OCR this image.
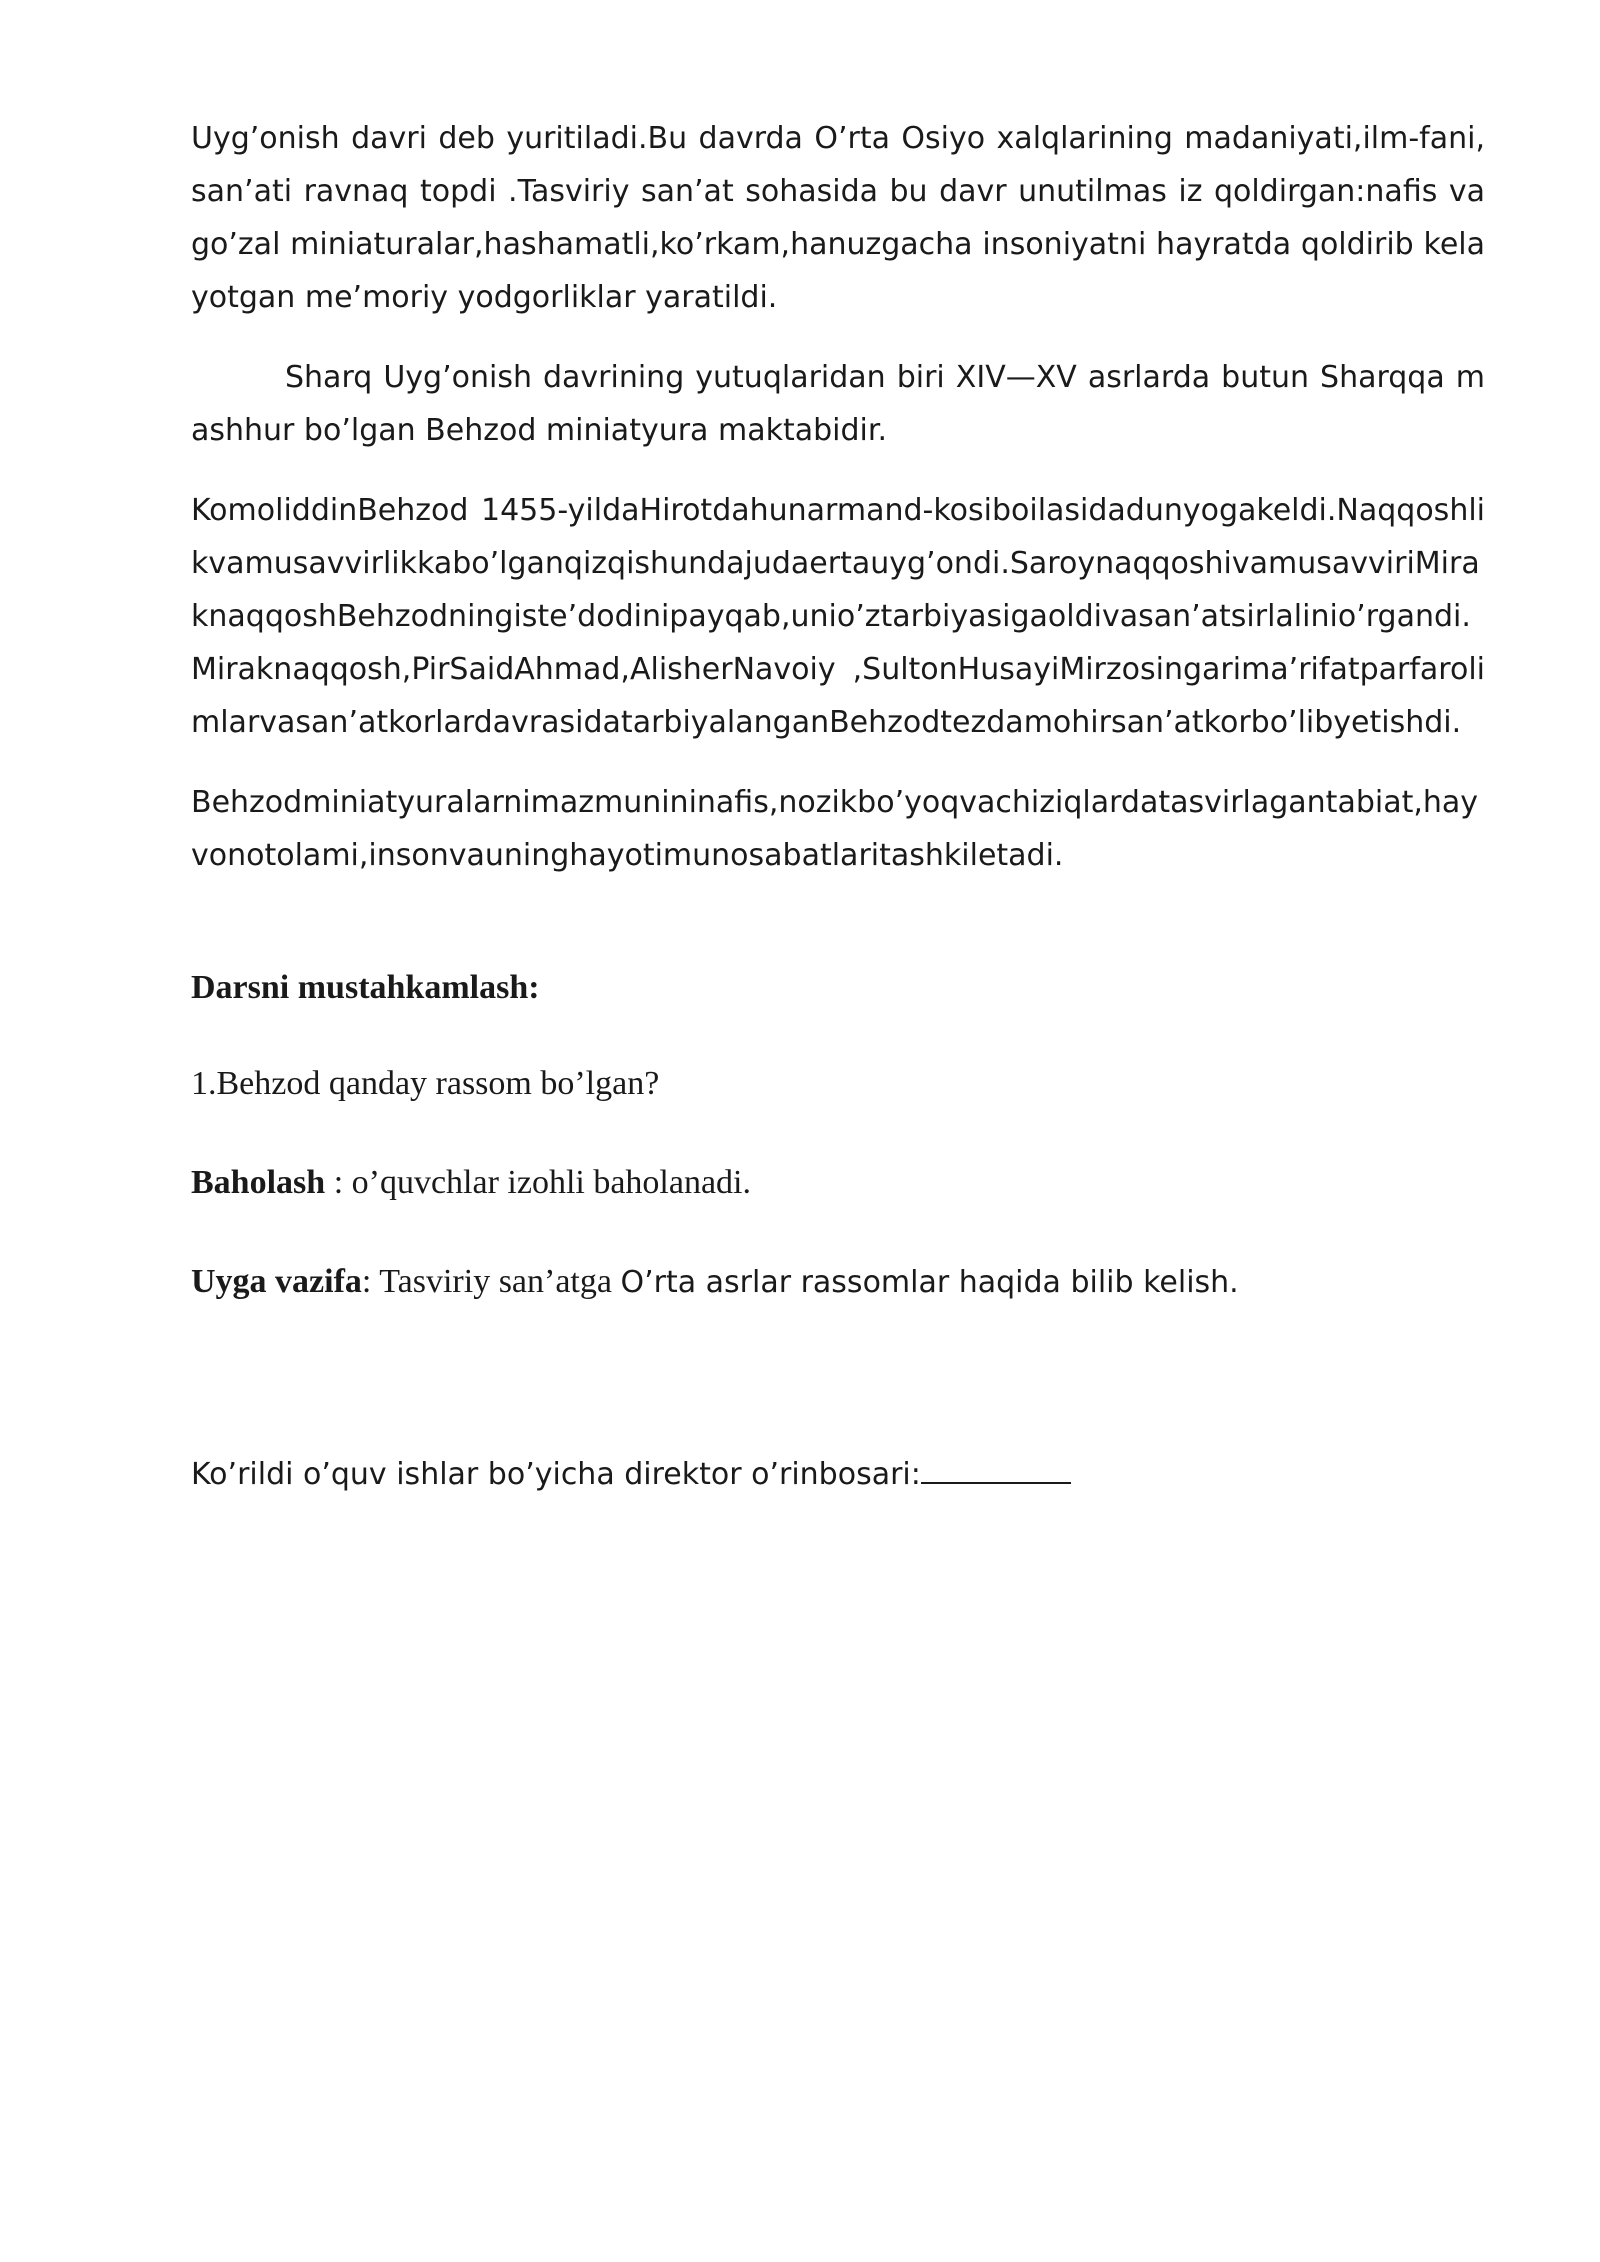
Uyg’onish davri deb yuritiladi.Bu davrda O’rta Osiyo xalqlarining madaniyati,ilm-fani,san’ati ravnaq topdi .Tasviriy san’at sohasida bu davr unutilmas iz qoldirgan:nafis va go’zal miniaturalar,hashamatli,ko’rkam,hanuzgacha insoniyatni hayratda qoldirib kelayotgan me’moriy yodgorliklar yaratildi.

Sharq Uyg’onish davrining yutuqlaridan biri XIV—XV asrlarda butun Sharqqa mashhur bo’lgan Behzod miniatyura maktabidir.

KomoliddinBehzod 1455-yildaHirotdahunarmand-kosiboilasidadunyogakeldi.Naqqoshlikvamusavvirlikkabo’lganqizqishundajudaertauyg’ondi.SaroynaqqoshivamusavviriMiraknaqqoshBehzodningiste’dodinipayqab,unio’ztarbiyasigaoldivasan’atsirlalinio’rgandi.Miraknaqqosh,PirSaidAhmad,AlisherNavoiy ,SultonHusayiMirzosingarima’rifatparfarolimlarvasan’atkorlardavrasidatarbiyalanganBehzodtezdamohirsan’atkorbo’libyetishdi.

Behzodminiatyuralarnimazmunininafis,nozikbo’yoqvachiziqlardatasvirlagantabiat,hayvonotolami,insonvauninghayotimunosabatlaritashkiletadi.

Darsni mustahkamlash:
1.Behzod qanday rassom bo’lgan?
Baholash : o’quvchlar izohli baholanadi.
Uyga vazifa: Tasviriy san’atga O’rta asrlar rassomlar haqida bilib kelish.
Ko’rildi o’quv ishlar bo’yicha direktor o’rinbosari:
